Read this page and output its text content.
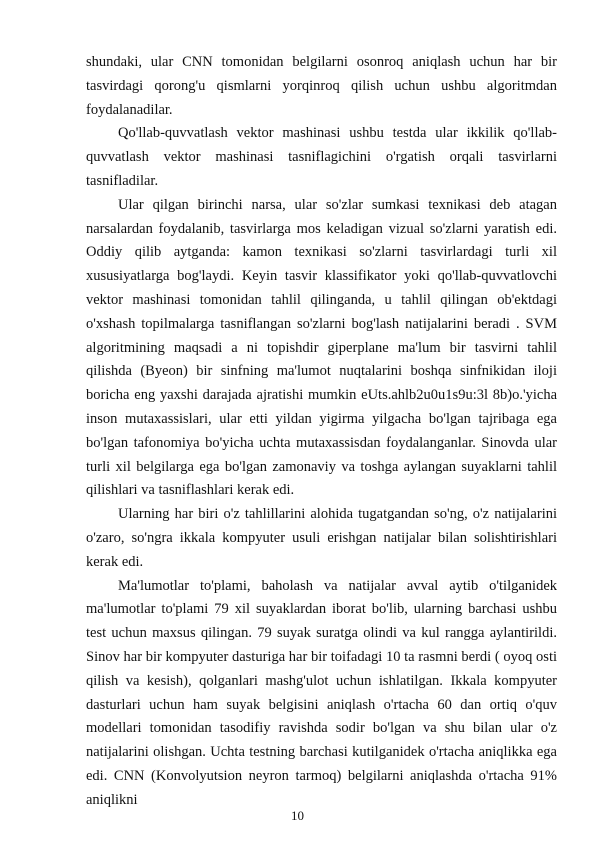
shundaki, ular CNN tomonidan belgilarni osonroq aniqlash uchun har bir tasvirdagi qorong'u qismlarni yorqinroq qilish uchun ushbu algoritmdan foydalanadilar.

Qo'llab-quvvatlash vektor mashinasi ushbu testda ular ikkilik qo'llab-quvvatlash vektor mashinasi tasniflagichini o'rgatish orqali tasvirlarni tasnifladilar.

Ular qilgan birinchi narsa, ular so'zlar sumkasi texnikasi deb atagan narsalardan foydalanib, tasvirlarga mos keladigan vizual so'zlarni yaratish edi. Oddiy qilib aytganda: kamon texnikasi so'zlarni tasvirlardagi turli xil xususiyatlarga bog'laydi. Keyin tasvir klassifikator yoki qo'llab-quvvatlovchi vektor mashinasi tomonidan tahlil qilinganda, u tahlil qilingan ob'ektdagi o'xshash topilmalarga tasniflangan so'zlarni bog'lash natijalarini beradi . SVM algoritmining maqsadi a ni topishdir giperplane ma'lum bir tasvirni tahlil qilishda (Byeon) bir sinfning ma'lumot nuqtalarini boshqa sinfnikidan iloji boricha eng yaxshi darajada ajratishi mumkin eUts.ahlb2u0u1s9u:3l 8b)o.'yicha inson mutaxassislari, ular etti yildan yigirma yilgacha bo'lgan tajribaga ega bo'lgan tafonomiya bo'yicha uchta mutaxassisdan foydalanganlar. Sinovda ular turli xil belgilarga ega bo'lgan zamonaviy va toshga aylangan suyaklarni tahlil qilishlari va tasniflashlari kerak edi.

Ularning har biri o'z tahlillarini alohida tugatgandan so'ng, o'z natijalarini o'zaro, so'ngra ikkala kompyuter usuli erishgan natijalar bilan solishtirishlari kerak edi.

Ma'lumotlar to'plami, baholash va natijalar avval aytib o'tilganidek ma'lumotlar to'plami 79 xil suyaklardan iborat bo'lib, ularning barchasi ushbu test uchun maxsus qilingan. 79 suyak suratga olindi va kul rangga aylantirildi. Sinov har bir kompyuter dasturiga har bir toifadagi 10 ta rasmni berdi ( oyoq osti qilish va kesish), qolganlari mashg'ulot uchun ishlatilgan. Ikkala kompyuter dasturlari uchun ham suyak belgisini aniqlash o'rtacha 60 dan ortiq o'quv modellari tomonidan tasodifiy ravishda sodir bo'lgan va shu bilan ular o'z natijalarini olishgan. Uchta testning barchasi kutilganidek o'rtacha aniqlikka ega edi. CNN (Konvolyutsion neyron tarmoq) belgilarni aniqlashda o'rtacha 91% aniqlikni

10
